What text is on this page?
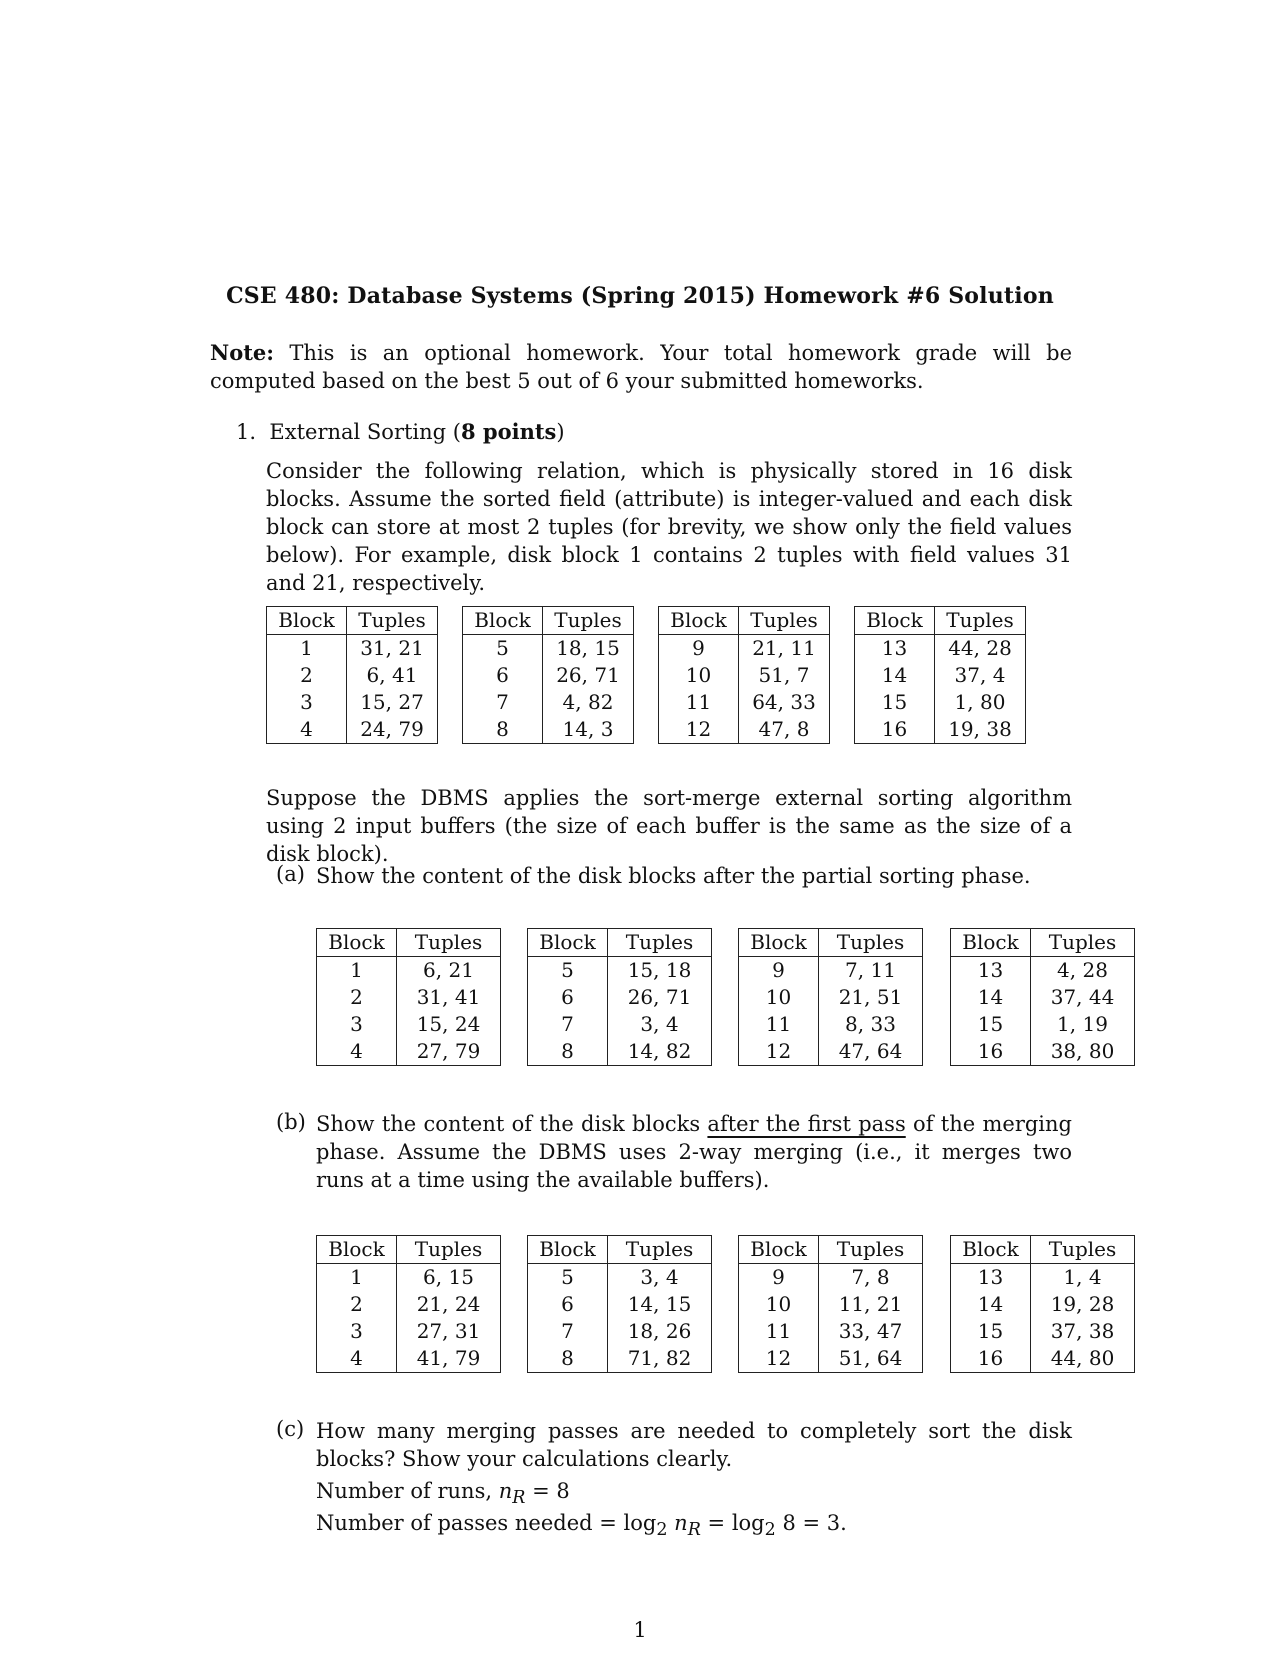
CSE 480: Database Systems (Spring 2015) Homework #6 Solution
Note: This is an optional homework. Your total homework grade will be computed based on the best 5 out of 6 your submitted homeworks.
1. External Sorting (8 points)
Consider the following relation, which is physically stored in 16 disk blocks. Assume the sorted field (attribute) is integer-valued and each disk block can store at most 2 tuples (for brevity, we show only the field values below). For example, disk block 1 contains 2 tuples with field values 31 and 21, respectively.
Block	Tuples
1	31, 21
2	6, 41
3	15, 27
4	24, 79
Block	Tuples
5	18, 15
6	26, 71
7	4, 82
8	14, 3
Block	Tuples
9	21, 11
10	51, 7
11	64, 33
12	47, 8
Block	Tuples
13	44, 28
14	37, 4
15	1, 80
16	19, 38
Suppose the DBMS applies the sort-merge external sorting algorithm using 2 input buffers (the size of each buffer is the same as the size of a disk block).
(a) Show the content of the disk blocks after the partial sorting phase.
Block	Tuples
1	6, 21
2	31, 41
3	15, 24
4	27, 79
Block	Tuples
5	15, 18
6	26, 71
7	3, 4
8	14, 82
Block	Tuples
9	7, 11
10	21, 51
11	8, 33
12	47, 64
Block	Tuples
13	4, 28
14	37, 44
15	1, 19
16	38, 80
(b) Show the content of the disk blocks after the first pass of the merging phase. Assume the DBMS uses 2-way merging (i.e., it merges two runs at a time using the available buffers).
Block	Tuples
1	6, 15
2	21, 24
3	27, 31
4	41, 79
Block	Tuples
5	3, 4
6	14, 15
7	18, 26
8	71, 82
Block	Tuples
9	7, 8
10	11, 21
11	33, 47
12	51, 64
Block	Tuples
13	1, 4
14	19, 28
15	37, 38
16	44, 80
(c) How many merging passes are needed to completely sort the disk blocks? Show your calculations clearly.
Number of runs, $n_R = 8$
Number of passes needed = $\log_2 n_R = \log_2 8 = 3$.
1
